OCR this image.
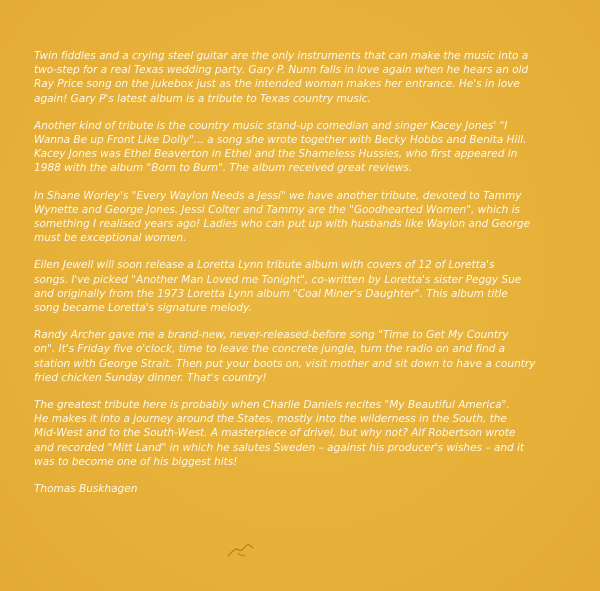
Twin fiddles and a crying steel guitar are the only instruments that can make the music into a
two-step for a real Texas wedding party. Gary P. Nunn falls in love again when he hears an old
Ray Price song on the jukebox just as the intended woman makes her entrance. He's in love
again! Gary P's latest album is a tribute to Texas country music.

Another kind of tribute is the country music stand-up comedian and singer Kacey Jones' "I
Wanna Be up Front Like Dolly"... a song she wrote together with Becky Hobbs and Benita Hill.
Kacey Jones was Ethel Beaverton in Ethel and the Shameless Hussies, who first appeared in
1988 with the album "Born to Burn". The album received great reviews.

In Shane Worley's "Every Waylon Needs a Jessi" we have another tribute, devoted to Tammy
Wynette and George Jones. Jessi Colter and Tammy are the "Goodhearted Women", which is
something I realised years ago! Ladies who can put up with husbands like Waylon and George
must be exceptional women.

Eilen Jewell will soon release a Loretta Lynn tribute album with covers of 12 of Loretta's
songs. I've picked "Another Man Loved me Tonight", co-written by Loretta's sister Peggy Sue
and originally from the 1973 Loretta Lynn album "Coal Miner's Daughter". This album title
song became Loretta's signature melody.

Randy Archer gave me a brand-new, never-released-before song "Time to Get My Country
on". It's Friday five o'clock, time to leave the concrete jungle, turn the radio on and find a
station with George Strait. Then put your boots on, visit mother and sit down to have a country
fried chicken Sunday dinner. That's country!

The greatest tribute here is probably when Charlie Daniels recites "My Beautiful America".
He makes it into a journey around the States, mostly into the wilderness in the South, the
Mid-West and to the South-West. A masterpiece of drivel, but why not? Alf Robertson wrote
and recorded "Mitt Land" in which he salutes Sweden – against his producer's wishes – and it
was to become one of his biggest hits!

Thomas Buskhagen
